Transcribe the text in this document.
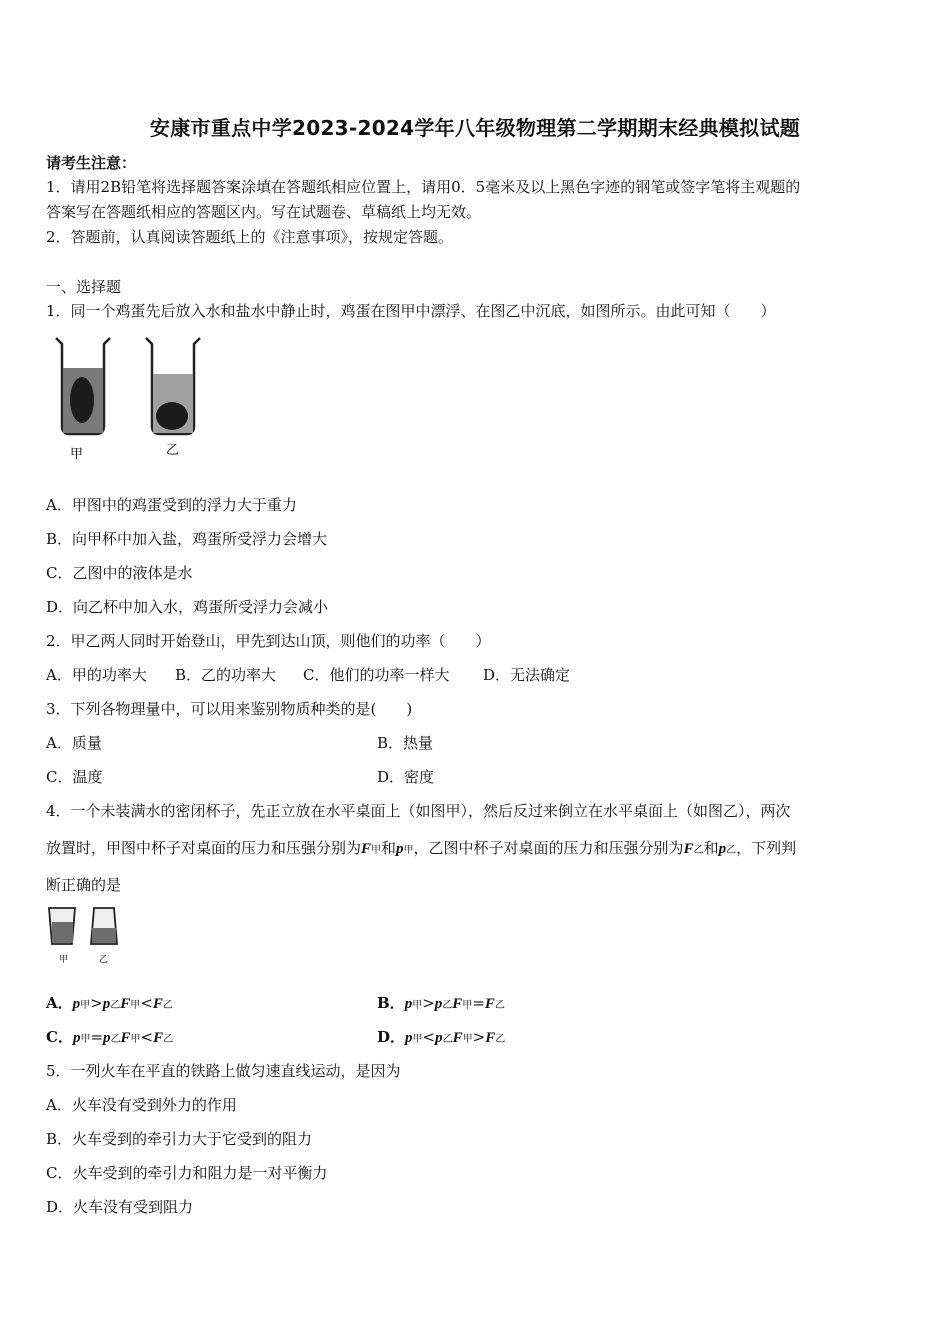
安康市重点中学2023-2024学年八年级物理第二学期期末经典模拟试题
请考生注意：
1．请用2B铅笔将选择题答案涂填在答题纸相应位置上，请用0．5毫米及以上黑色字迹的钢笔或签字笔将主观题的
答案写在答题纸相应的答题区内。写在试题卷、草稿纸上均无效。
2．答题前，认真阅读答题纸上的《注意事项》，按规定答题。
一、选择题
1．同一个鸡蛋先后放入水和盐水中静止时，鸡蛋在图甲中漂浮、在图乙中沉底，如图所示。由此可知（　　）
甲	乙
A．甲图中的鸡蛋受到的浮力大于重力
B．向甲杯中加入盐，鸡蛋所受浮力会增大
C．乙图中的液体是水
D．向乙杯中加入水，鸡蛋所受浮力会减小
2．甲乙两人同时开始登山，甲先到达山顶，则他们的功率（　　）
A．甲的功率大 B．乙的功率大 C．他们的功率一样大 D．无法确定
3．下列各物理量中，可以用来鉴别物质种类的是(　　)
A．质量	B．热量
C．温度	D．密度
4．一个未装满水的密闭杯子，先正立放在水平桌面上（如图甲），然后反过来倒立在水平桌面上（如图乙），两次
放置时，甲图中杯子对桌面的压力和压强分别为F甲和p甲，乙图中杯子对桌面的压力和压强分别为F乙和p乙，下列判
断正确的是
甲	乙
A．p甲>p乙F甲<F乙	B．p甲>p乙F甲=F乙
C．p甲=p乙F甲<F乙	D．p甲<p乙F甲>F乙
5．一列火车在平直的铁路上做匀速直线运动，是因为
A．火车没有受到外力的作用
B．火车受到的牵引力大于它受到的阻力
C．火车受到的牵引力和阻力是一对平衡力
D．火车没有受到阻力
